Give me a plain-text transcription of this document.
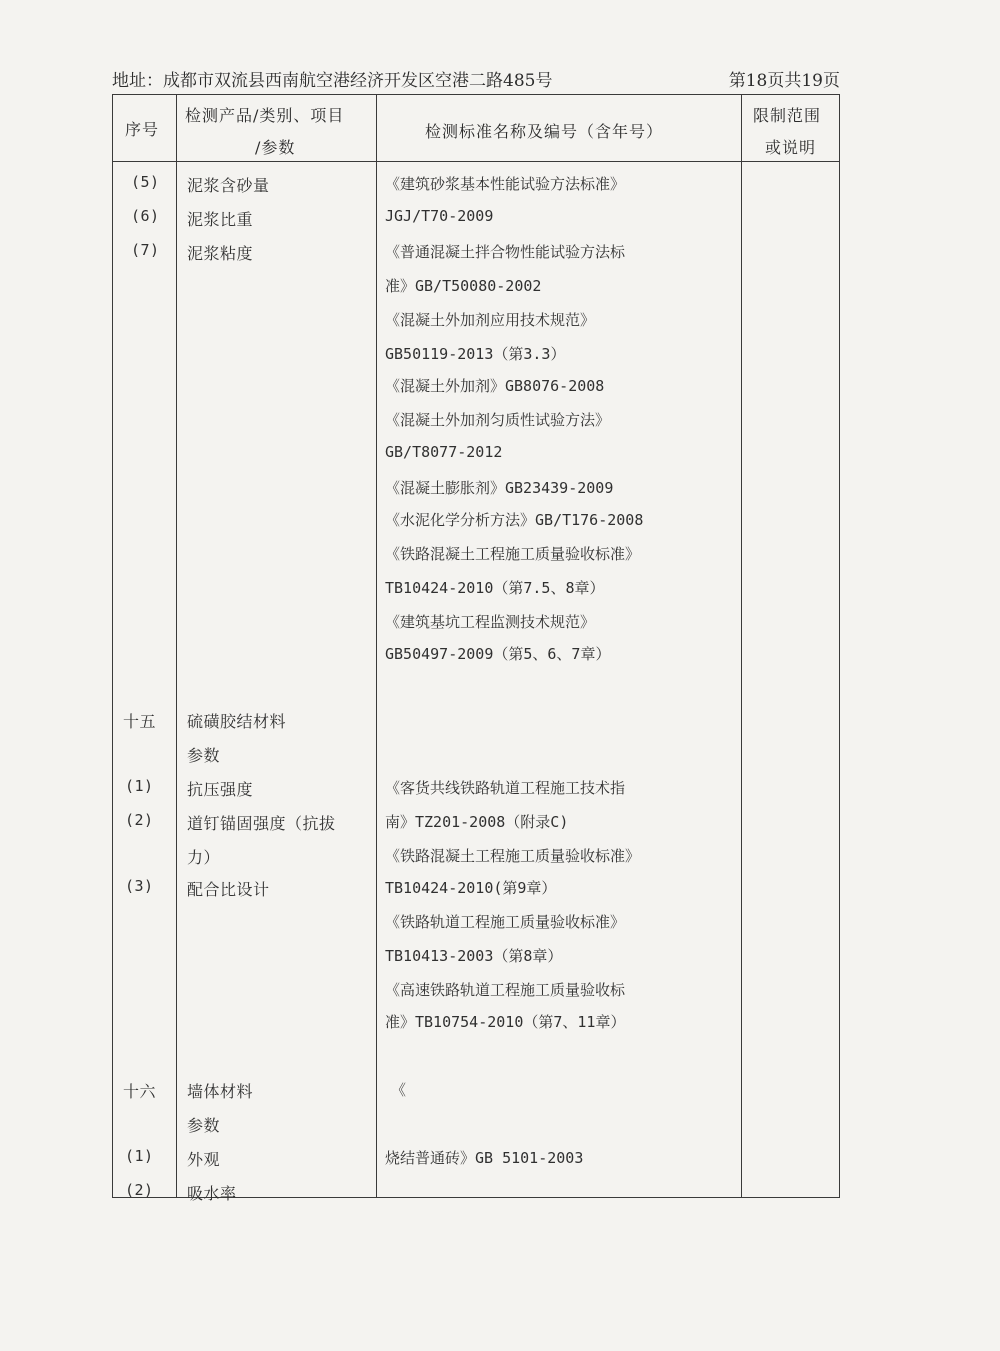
地址：成都市双流县西南航空港经济开发区空港二路485号	第18页共19页
序号
检测产品/类别、项目
/参数
检测标准名称及编号（含年号）
限制范围
或说明
(5)
(6)
(7)
十五
(1)
(2)
(3)
十六
(1)
(2)
泥浆含砂量
泥浆比重
泥浆粘度
硫磺胶结材料
参数
抗压强度
道钉锚固强度（抗拔
力）
配合比设计
墙体材料
参数
外观
吸水率
《建筑砂浆基本性能试验方法标准》
JGJ/T70-2009
《普通混凝土拌合物性能试验方法标
准》GB/T50080-2002
《混凝土外加剂应用技术规范》
GB50119-2013（第3.3）
《混凝土外加剂》GB8076-2008
《混凝土外加剂匀质性试验方法》
GB/T8077-2012
《混凝土膨胀剂》GB23439-2009
《水泥化学分析方法》GB/T176-2008
《铁路混凝土工程施工质量验收标准》
TB10424-2010（第7.5、8章）
《建筑基坑工程监测技术规范》
GB50497-2009（第5、6、7章）
《客货共线铁路轨道工程施工技术指
南》TZ201-2008（附录C)
《铁路混凝土工程施工质量验收标准》
TB10424-2010(第9章）
《铁路轨道工程施工质量验收标准》
TB10413-2003（第8章）
《高速铁路轨道工程施工质量验收标
准》TB10754-2010（第7、11章）
《
烧结普通砖》GB 5101-2003
